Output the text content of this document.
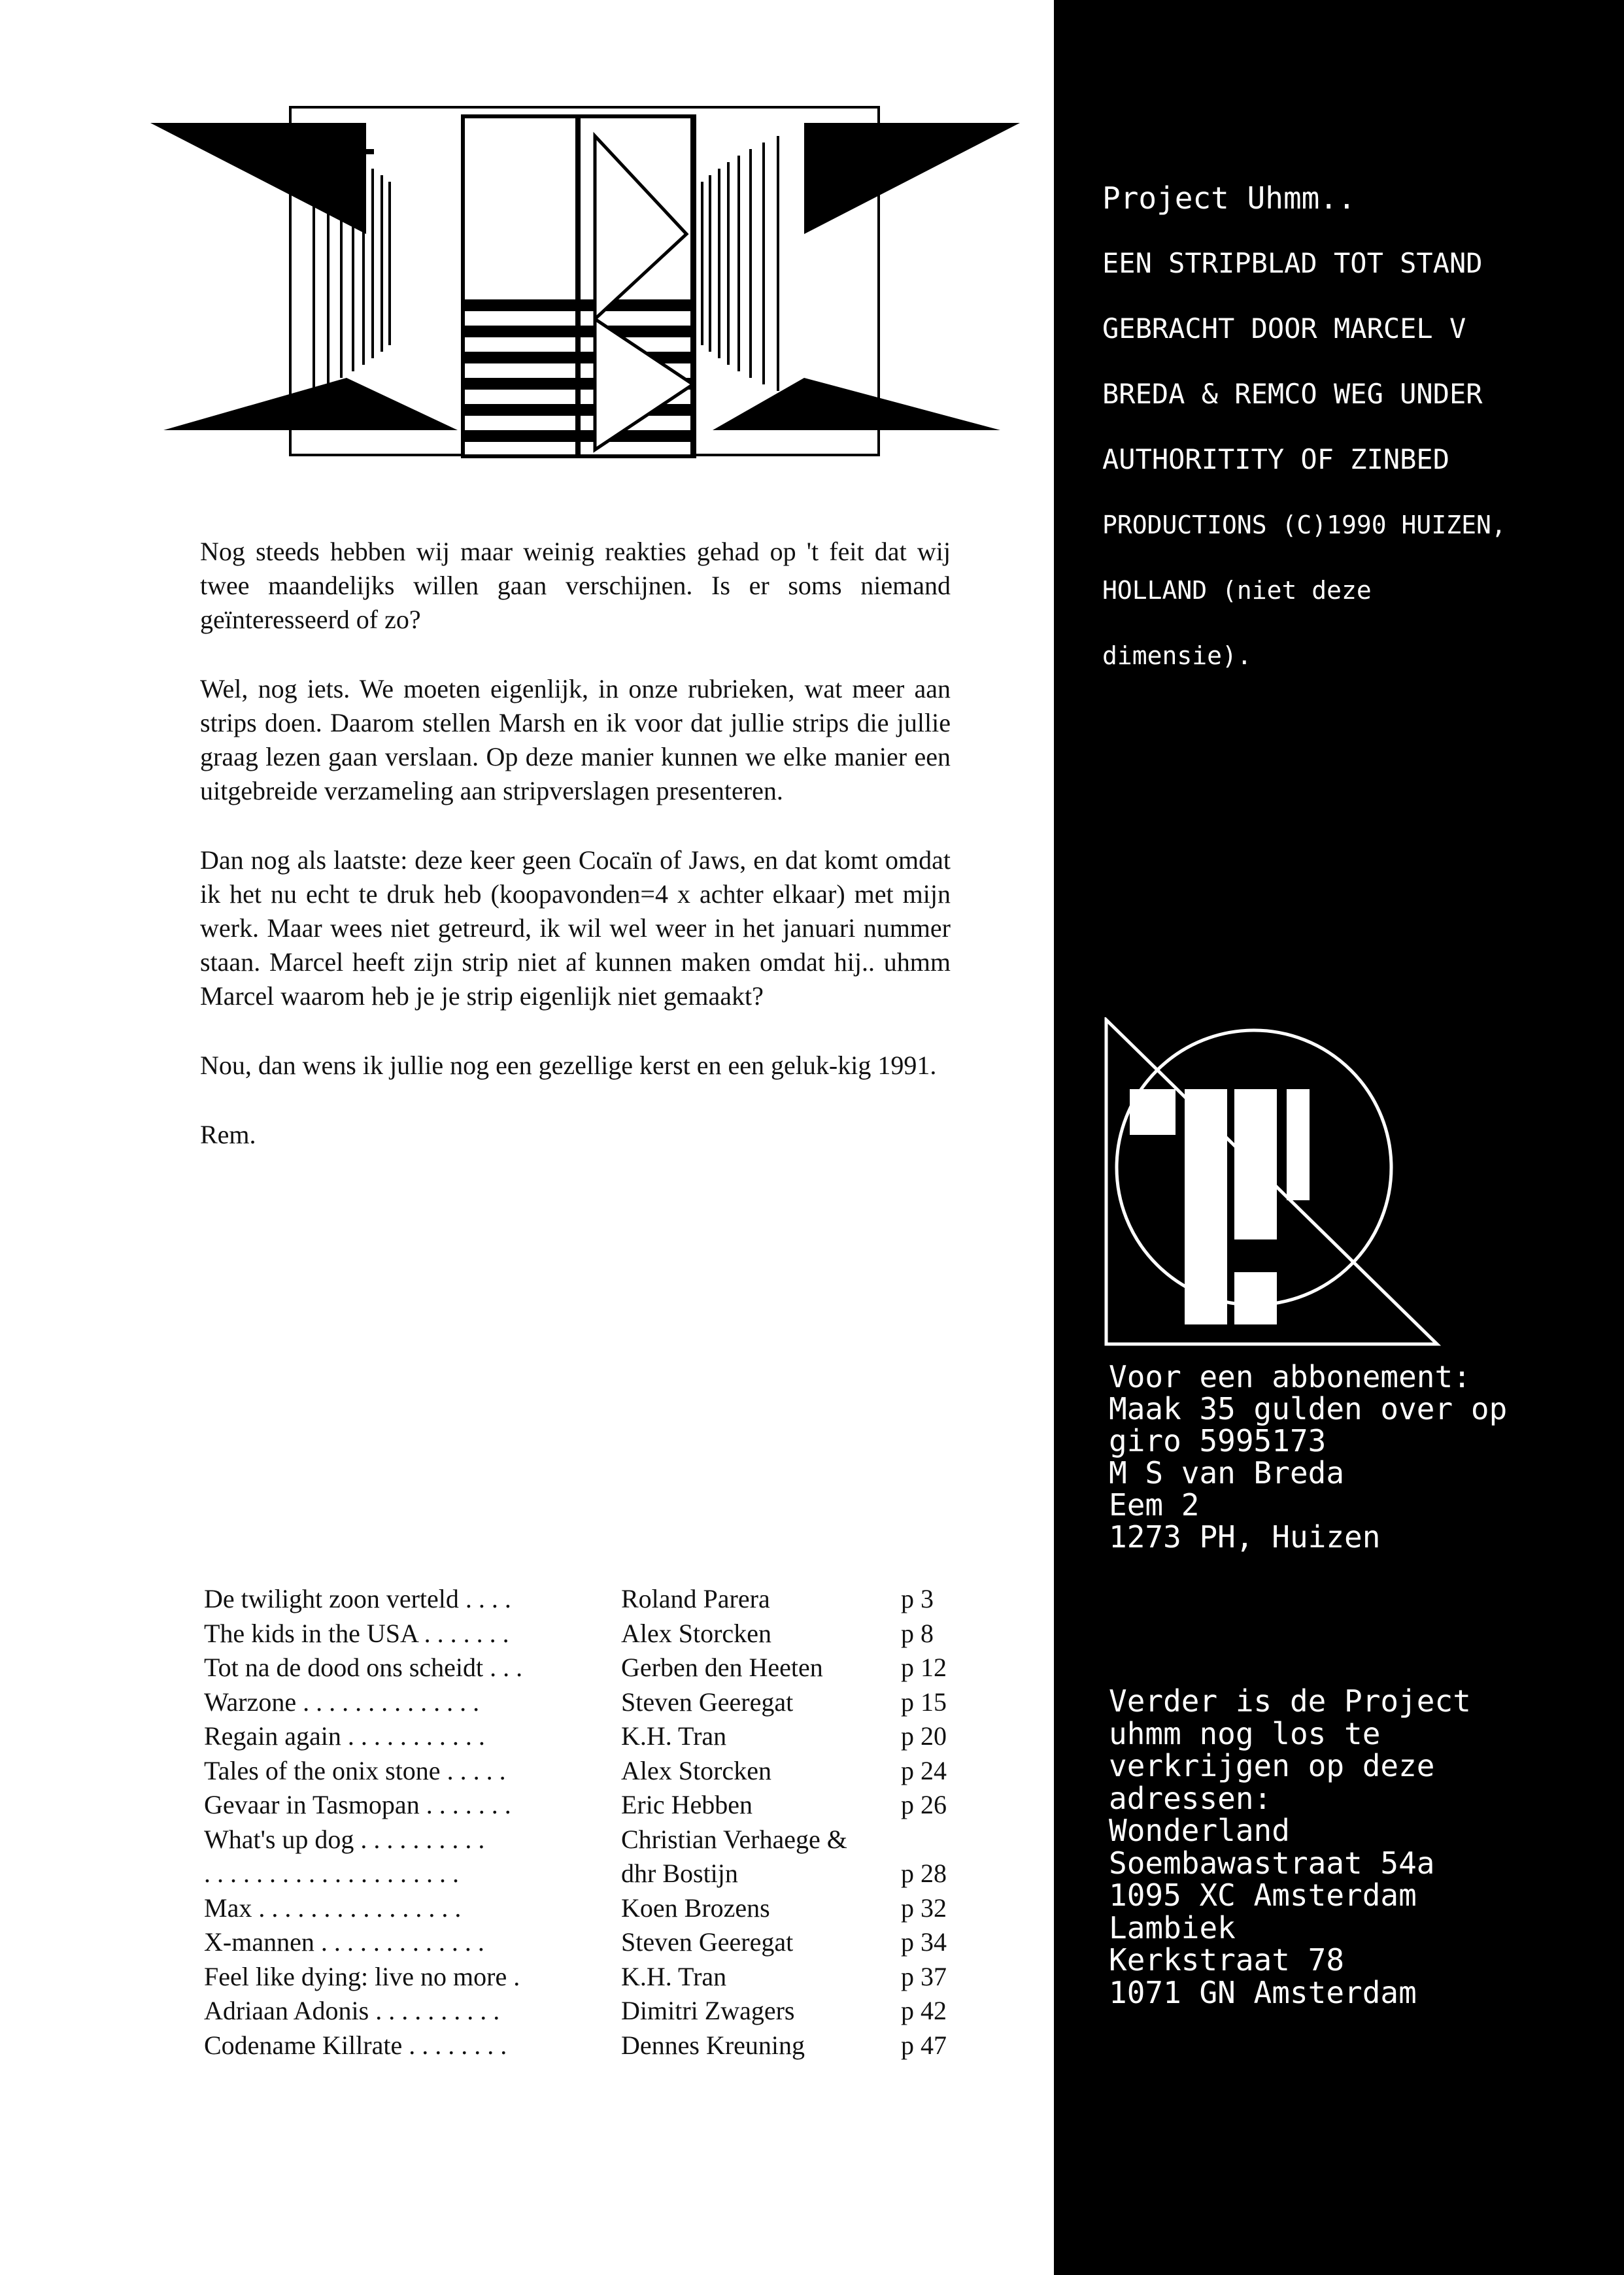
Project Uhmm..

EEN STRIPBLAD TOT STAND

GEBRACHT DOOR MARCEL V

BREDA & REMCO WEG UNDER

AUTHORITITY OF ZINBED

PRODUCTIONS (C)1990 HUIZEN,

HOLLAND (niet deze

dimensie).

Voor een abbonement:
Maak 35 gulden over op
giro 5995173
M S van Breda
Eem 2
1273 PH, Huizen
Verder is de Project
uhmm nog los te
verkrijgen op deze
adressen:
Wonderland
Soembawastraat 54a
1095 XC Amsterdam
Lambiek
Kerkstraat 78
1071 GN Amsterdam

Nog steeds hebben wij maar weinig reakties gehad op 't feit dat wij twee maandelijks willen gaan verschijnen. Is er soms niemand geïnteresseerd of zo?

Wel, nog iets. We moeten eigenlijk, in onze rubrieken, wat meer aan strips doen. Daarom stellen Marsh en ik voor dat jullie strips die jullie graag lezen gaan verslaan. Op deze manier kunnen we elke manier een uitgebreide verzameling aan stripverslagen presenteren.

Dan nog als laatste: deze keer geen Cocaïn of Jaws, en dat komt omdat ik het nu echt te druk heb (koopavonden=4 x achter elkaar) met mijn werk. Maar wees niet getreurd, ik wil wel weer in het januari nummer staan. Marcel heeft zijn strip niet af kunnen maken omdat hij.. uhmm Marcel waarom heb je je strip eigenlijk niet gemaakt?

Nou, dan wens ik jullie nog een gezellige kerst en een geluk-kig 1991.

Rem.

De twilight zoon verteld . . . .	Roland Parera	p 3
The kids in the USA . . . . . . .	Alex Storcken	p 8
Tot na de dood ons scheidt . . .	Gerben den Heeten	p 12
Warzone . . . . . . . . . . . . . .	Steven Geeregat	p 15
Regain again . . . . . . . . . . .	K.H. Tran	p 20
Tales of the onix stone . . . . .	Alex Storcken	p 24
Gevaar in Tasmopan . . . . . . .	Eric Hebben	p 26
What's up dog . . . . . . . . . .	Christian Verhaege &
. . . . . . . . . . . . . . . . . . . .	dhr Bostijn	p 28
Max . . . . . . . . . . . . . . . .	Koen Brozens	p 32
X-mannen . . . . . . . . . . . . .	Steven Geeregat	p 34
Feel like dying: live no more .	K.H. Tran	p 37
Adriaan Adonis . . . . . . . . . .	Dimitri Zwagers	p 42
Codename Killrate . . . . . . . .	Dennes Kreuning	p 47
